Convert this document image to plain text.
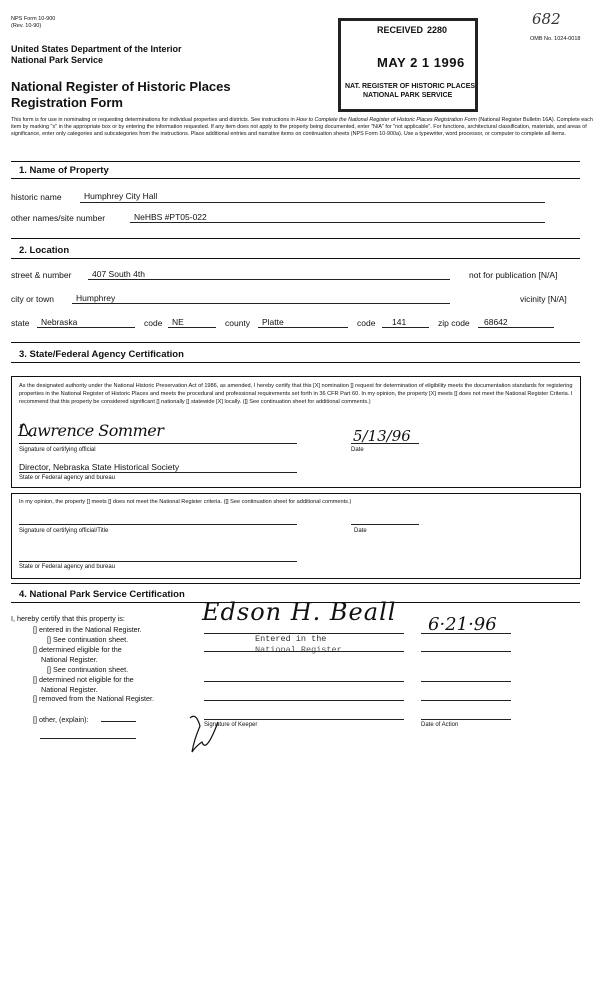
NPS Form 10-900
(Rev. 10-90)
United States Department of the Interior
National Park Service
National Register of Historic Places
Registration Form
OMB No. 1024-0018
682
RECEIVED 2280
MAY 2 1 1996
NAT. REGISTER OF HISTORIC PLACES
NATIONAL PARK SERVICE
This form is for use in nominating or requesting determinations for individual properties and districts. See instructions in How to Complete the National Register of Historic Places Registration Form (National Register Bulletin 16A). Complete each item by marking "x" in the appropriate box or by entering the information requested. If any item does not apply to the property being documented, enter "N/A" for "not applicable". For functions, architectural classification, materials, and areas of significance, enter only categories and subcategories from the instructions. Place additional entries and narrative items on continuation sheets (NPS Form 10-900a). Use a typewriter, word processor, or computer to complete all items.
1. Name of Property
historic name	Humphrey City Hall
other names/site number	NeHBS #PT05-022
2. Location
street & number 407 South 4th	not for publication [N/A]
city or town	Humphrey	vicinity [N/A]
state Nebraska	code NE	county Platte	code 141	zip code 68642
3. State/Federal Agency Certification
As the designated authority under the National Historic Preservation Act of 1986, as amended, I hereby certify that this [X] nomination [] request for determination of eligibility meets the documentation standards for registering properties in the National Register of Historic Places and meets the procedural and professional requirements set forth in 36 CFR Part 60. In my opinion, the property [X] meets [] does not meet the National Register Criteria. I recommend that this property be considered significant [] nationally [] statewide [X] locally. ([] See continuation sheet for additional comments.)
Lawrence Sommer
Signature of certifying official
5/13/96
Date
Director, Nebraska State Historical Society
State or Federal agency and bureau
In my opinion, the property [] meets [] does not meet the National Register criteria. ([] See continuation sheet for additional comments.)
Signature of certifying official/Title	Date
State or Federal agency and bureau
4. National Park Service Certification
I, hereby certify that this property is:
[] entered in the National Register.
[] See continuation sheet.
[] determined eligible for the
National Register.
[] See continuation sheet.
[] determined not eligible for the
National Register.
[] removed from the National Register.
[] other, (explain):
Edson H. Beall
Entered in the
National Register
6·21·96
Signature of Keeper	Date of Action
